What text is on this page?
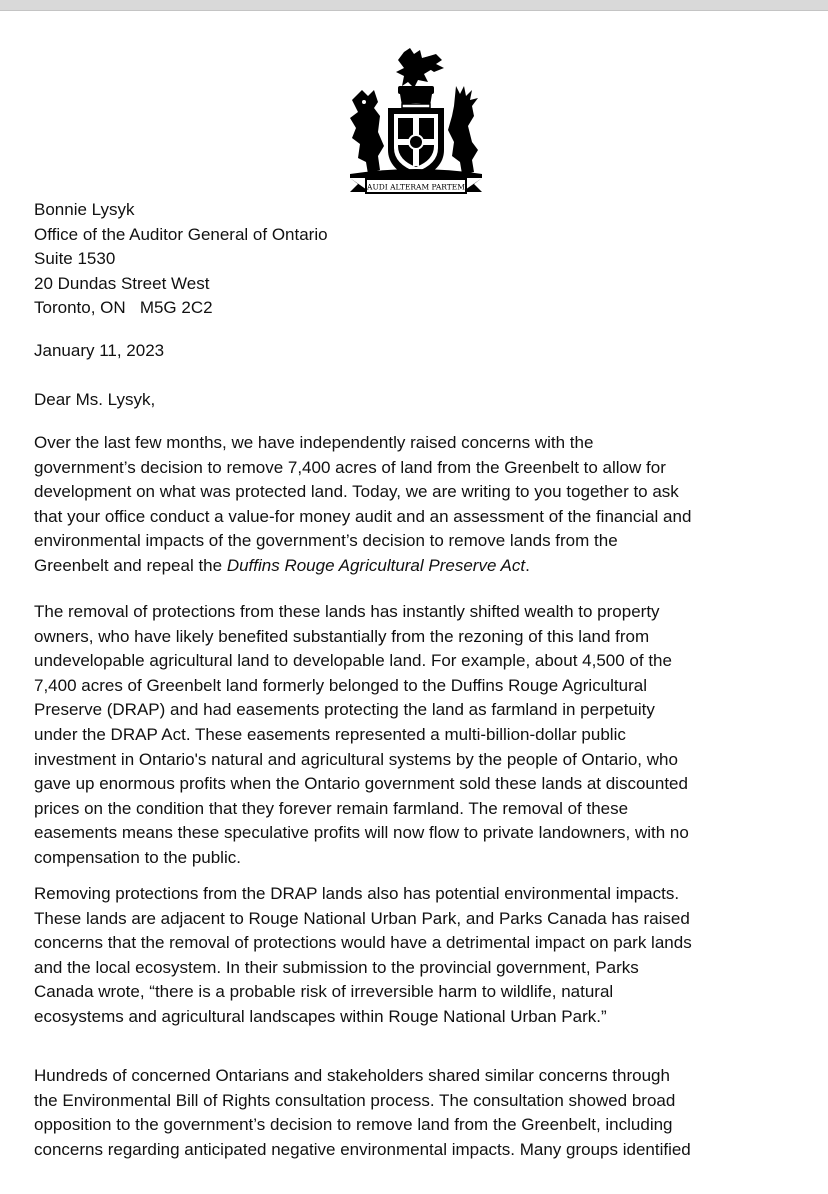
AUDI ALTERAM PARTEM
Bonnie Lysyk
Office of the Auditor General of Ontario
Suite 1530
20 Dundas Street West
Toronto, ON   M5G 2C2
January 11, 2023
Dear Ms. Lysyk,
Over the last few months, we have independently raised concerns with the
government’s decision to remove 7,400 acres of land from the Greenbelt to allow for
development on what was protected land. Today, we are writing to you together to ask
that your office conduct a value-for money audit and an assessment of the financial and
environmental impacts of the government’s decision to remove lands from the
Greenbelt and repeal the Duffins Rouge Agricultural Preserve Act.
The removal of protections from these lands has instantly shifted wealth to property
owners, who have likely benefited substantially from the rezoning of this land from
undevelopable agricultural land to developable land. For example, about 4,500 of the
7,400 acres of Greenbelt land formerly belonged to the Duffins Rouge Agricultural
Preserve (DRAP) and had easements protecting the land as farmland in perpetuity
under the DRAP Act. These easements represented a multi-billion-dollar public
investment in Ontario's natural and agricultural systems by the people of Ontario, who
gave up enormous profits when the Ontario government sold these lands at discounted
prices on the condition that they forever remain farmland. The removal of these
easements means these speculative profits will now flow to private landowners, with no
compensation to the public.
Removing protections from the DRAP lands also has potential environmental impacts.
These lands are adjacent to Rouge National Urban Park, and Parks Canada has raised
concerns that the removal of protections would have a detrimental impact on park lands
and the local ecosystem. In their submission to the provincial government, Parks
Canada wrote, “there is a probable risk of irreversible harm to wildlife, natural
ecosystems and agricultural landscapes within Rouge National Urban Park.”
Hundreds of concerned Ontarians and stakeholders shared similar concerns through
the Environmental Bill of Rights consultation process. The consultation showed broad
opposition to the government’s decision to remove land from the Greenbelt, including
concerns regarding anticipated negative environmental impacts. Many groups identified
